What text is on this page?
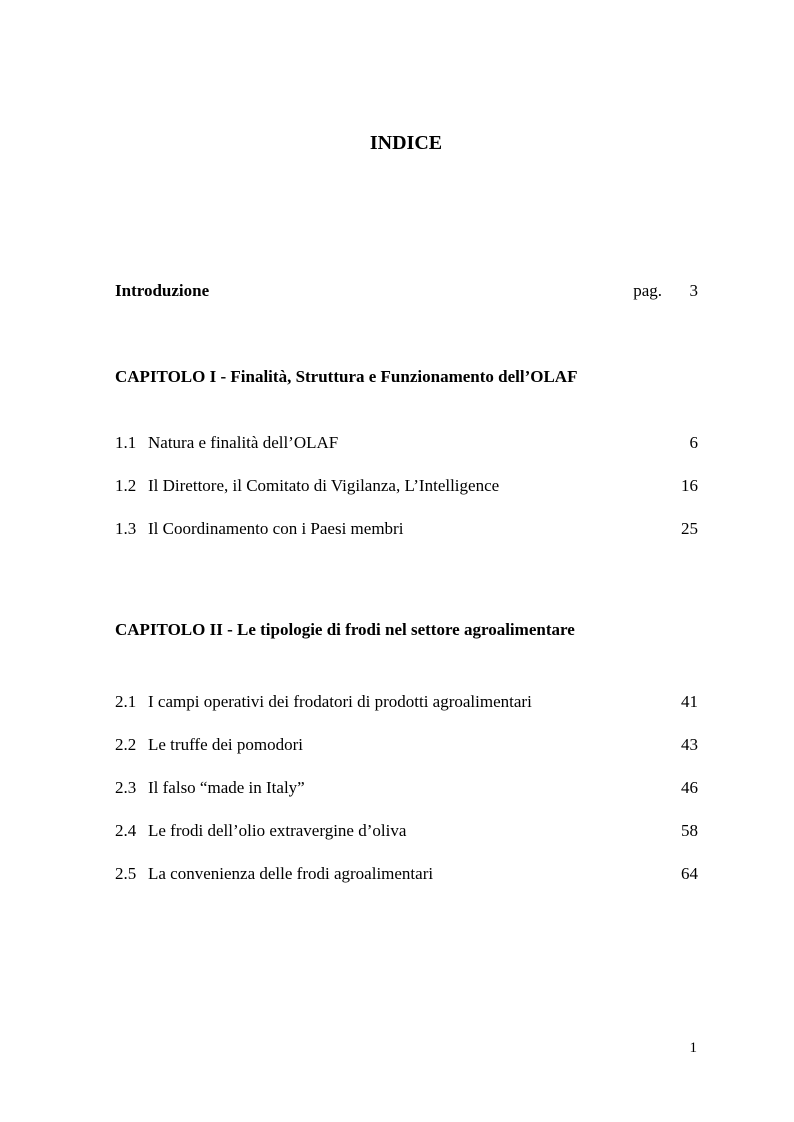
INDICE
Introduzione	pag. 3
CAPITOLO I - Finalità, Struttura e Funzionamento dell’OLAF
1.1 Natura e finalità dell’OLAF	6
1.2 Il Direttore, il Comitato di Vigilanza, L’Intelligence	16
1.3 Il Coordinamento con i Paesi membri	25
CAPITOLO II - Le tipologie di frodi nel settore agroalimentare
2.1 I campi operativi dei frodatori di prodotti agroalimentari	41
2.2 Le truffe dei pomodori	43
2.3 Il falso “made in Italy”	46
2.4 Le frodi dell’olio extravergine d’oliva	58
2.5 La convenienza delle frodi agroalimentari	64
1
